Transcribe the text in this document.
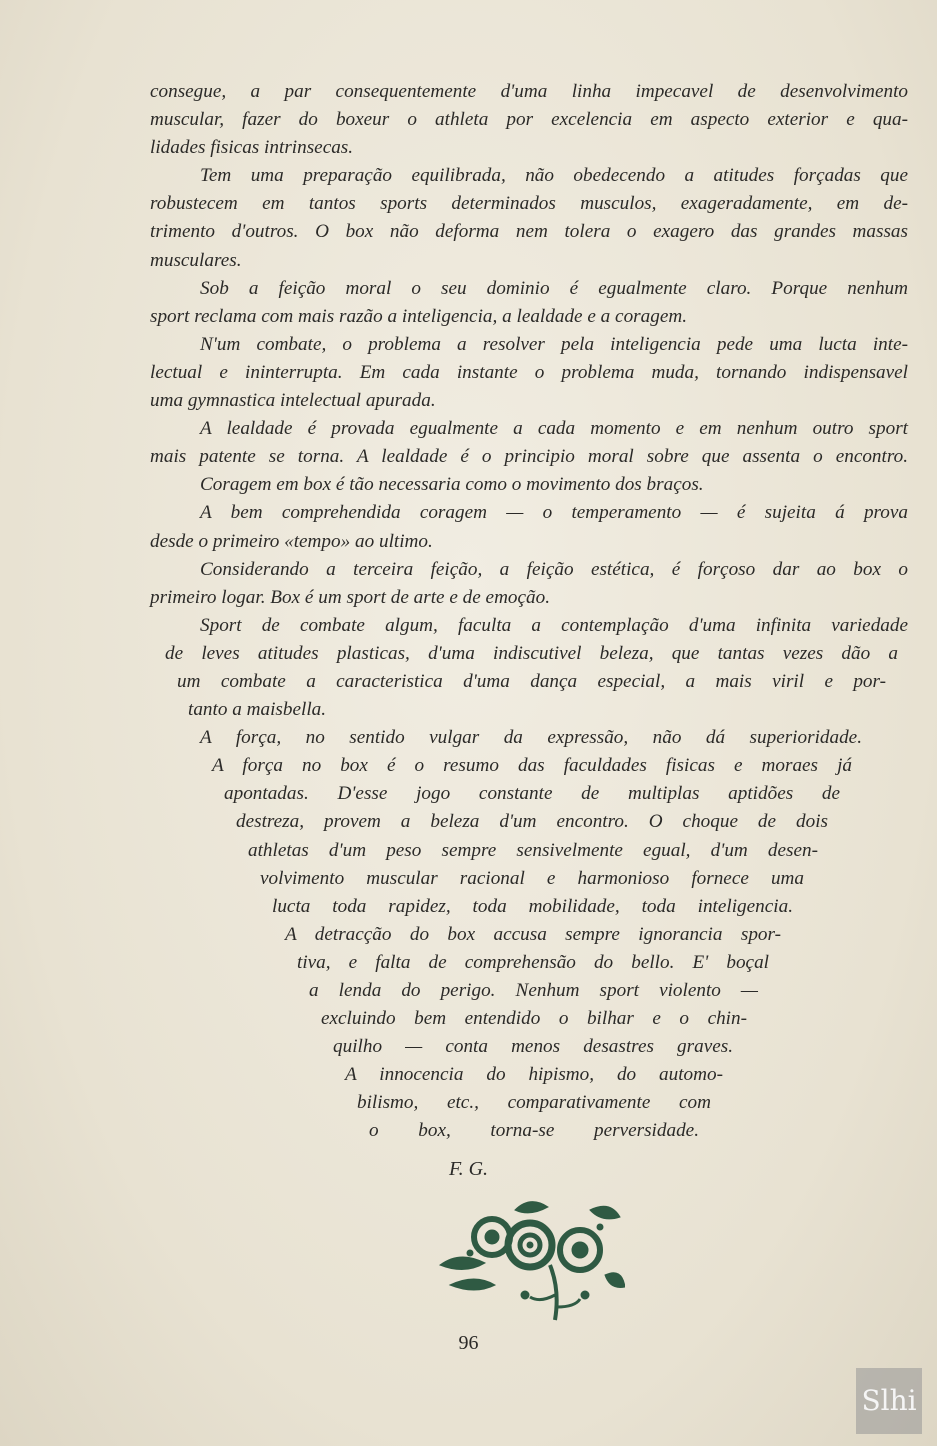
consegue, a par consequentemente d'uma linha impecavel de desenvolvimento
muscular, fazer do boxeur o athleta por excelencia em aspecto exterior e qua-
lidades fisicas intrinsecas.
Tem uma preparação equilibrada, não obedecendo a atitudes forçadas que
robustecem em tantos sports determinados musculos, exageradamente, em de-
trimento d'outros. O box não deforma nem tolera o exagero das grandes massas
musculares.
Sob a feição moral o seu dominio é egualmente claro. Porque nenhum
sport reclama com mais razão a inteligencia, a lealdade e a coragem.
N'um combate, o problema a resolver pela inteligencia pede uma lucta inte-
lectual e ininterrupta. Em cada instante o problema muda, tornando indispensavel
uma gymnastica intelectual apurada.
A lealdade é provada egualmente a cada momento e em nenhum outro sport
mais patente se torna. A lealdade é o principio moral sobre que assenta o encontro.
Coragem em box é tão necessaria como o movimento dos braços.
A bem comprehendida coragem — o temperamento — é sujeita á prova
desde o primeiro «tempo» ao ultimo.
Considerando a terceira feição, a feição estética, é forçoso dar ao box o
primeiro logar. Box é um sport de arte e de emoção.
Sport de combate algum, faculta a contemplação d'uma infinita variedade
de leves atitudes plasticas, d'uma indiscutivel beleza, que tantas vezes dão a
um combate a caracteristica d'uma dança especial, a mais viril e por-
tanto a maisbella.
A força, no sentido vulgar da expressão, não dá superioridade.
A força no box é o resumo das faculdades fisicas e moraes já
apontadas. D'esse jogo constante de multiplas aptidões de
destreza, provem a beleza d'um encontro. O choque de dois
athletas d'um peso sempre sensivelmente egual, d'um desen-
volvimento muscular racional e harmonioso fornece uma
lucta toda rapidez, toda mobilidade, toda inteligencia.
A detracção do box accusa sempre ignorancia spor-
tiva, e falta de comprehensão do bello. E' boçal
a lenda do perigo. Nenhum sport violento —
excluindo bem entendido o bilhar e o chin-
quilho — conta menos desastres graves.
A innocencia do hipismo, do automo-
bilismo, etc., comparativamente com
o box, torna-se perversidade.
F. G.
96
Slhi
